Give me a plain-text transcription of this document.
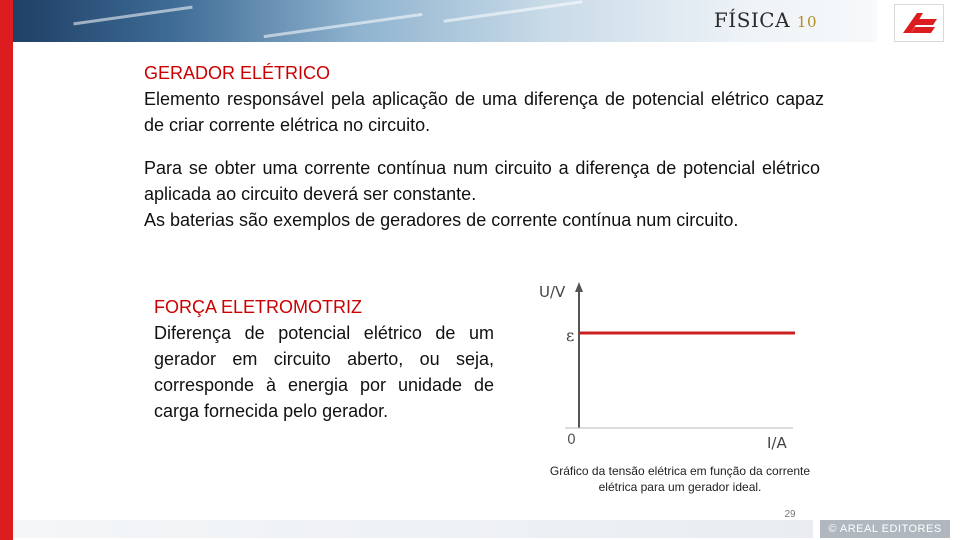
FÍSICA 10
GERADOR ELÉTRICO

Elemento responsável pela aplicação de uma diferença de potencial elétrico capaz de criar corrente elétrica no circuito.

Para se obter uma corrente contínua num circuito a diferença de potencial elétrico aplicada ao circuito deverá ser constante.

As baterias são exemplos de geradores de corrente contínua num circuito.

FORÇA ELETROMOTRIZ

Diferença de potencial elétrico de um gerador em circuito aberto, ou seja, corresponde à energia por unidade de carga fornecida pelo gerador.

U/V
ε
0	I/A
Gráfico da tensão elétrica em função da corrente elétrica para um gerador ideal.
29
© AREAL EDITORES
